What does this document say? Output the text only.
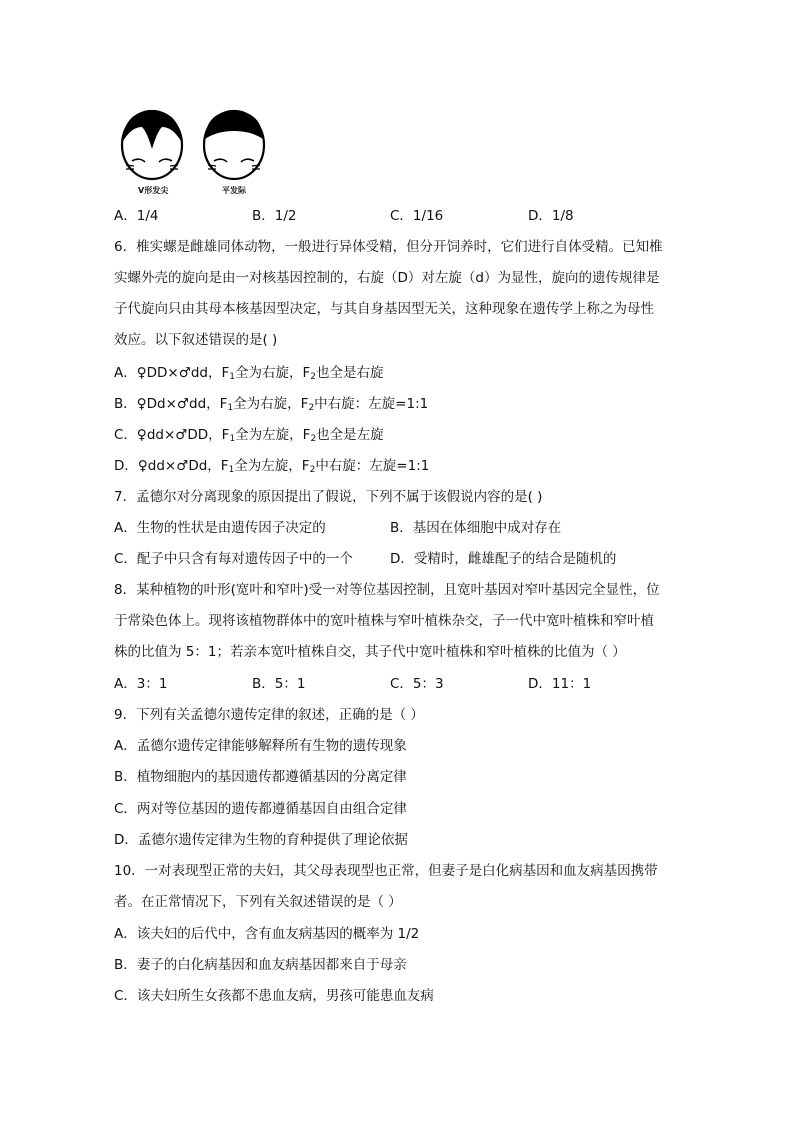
V形发尖	平发际
A．1/4	B．1/2	C．1/16	D．1/8
6．椎实螺是雌雄同体动物，一般进行异体受精，但分开饲养时，它们进行自体受精。已知椎
实螺外壳的旋向是由一对核基因控制的，右旋（D）对左旋（d）为显性，旋向的遗传规律是
子代旋向只由其母本核基因型决定，与其自身基因型无关，这种现象在遗传学上称之为母性
效应。以下叙述错误的是( )
A．♀DD×♂dd，$F_1$全为右旋，$F_2$也全是右旋
B．♀Dd×♂dd，$F_1$全为右旋，$F_2$中右旋：左旋=1:1
C．♀dd×♂DD，$F_1$全为左旋，$F_2$也全是左旋
D．♀dd×♂Dd，$F_1$全为左旋，$F_2$中右旋：左旋=1:1
7．孟德尔对分离现象的原因提出了假说，下列不属于该假说内容的是( )
A．生物的性状是由遗传因子决定的	B．基因在体细胞中成对存在
C．配子中只含有每对遗传因子中的一个	D．受精时，雌雄配子的结合是随机的
8．某种植物的叶形(宽叶和窄叶)受一对等位基因控制，且宽叶基因对窄叶基因完全显性，位
于常染色体上。现将该植物群体中的宽叶植株与窄叶植株杂交，子一代中宽叶植株和窄叶植
株的比值为 5：1；若亲本宽叶植株自交，其子代中宽叶植株和窄叶植株的比值为（ ）
A．3：1	B．5：1	C．5：3	D．11：1
9．下列有关孟德尔遗传定律的叙述，正确的是（ ）
A．孟德尔遗传定律能够解释所有生物的遗传现象
B．植物细胞内的基因遗传都遵循基因的分离定律
C．两对等位基因的遗传都遵循基因自由组合定律
D．孟德尔遗传定律为生物的育种提供了理论依据
10．一对表现型正常的夫妇，其父母表现型也正常，但妻子是白化病基因和血友病基因携带
者。在正常情况下，下列有关叙述错误的是（ ）
A．该夫妇的后代中，含有血友病基因的概率为 1/2
B．妻子的白化病基因和血友病基因都来自于母亲
C．该夫妇所生女孩都不患血友病，男孩可能患血友病
